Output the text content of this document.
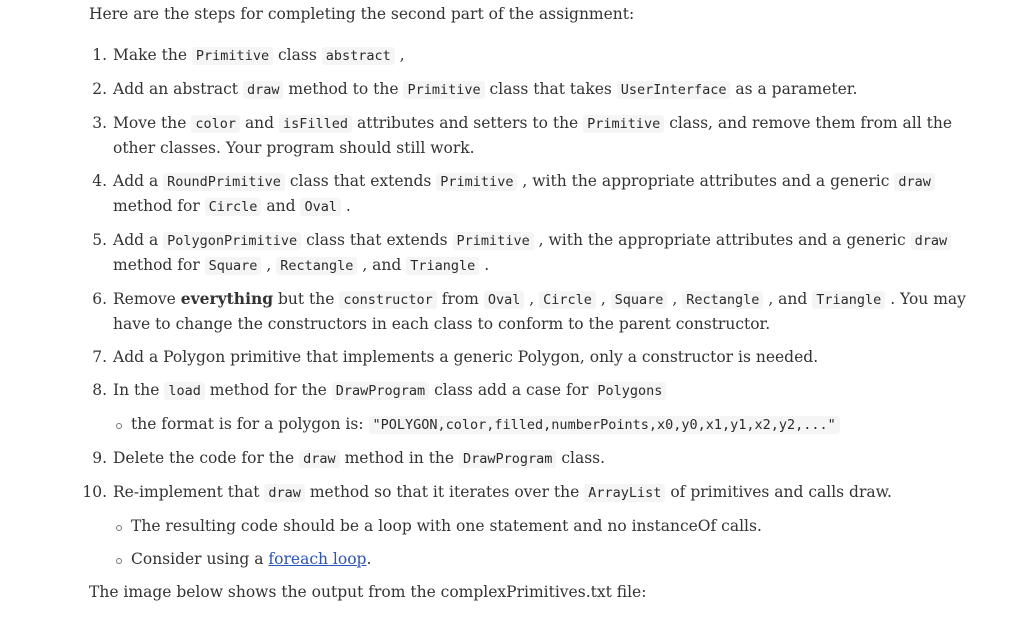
Here are the steps for completing the second part of the assignment:

1. Make the Primitive class abstract ,
2. Add an abstract draw method to the Primitive class that takes UserInterface as a parameter.
3. Move the color and isFilled attributes and setters to the Primitive class, and remove them from all the other classes. Your program should still work.
4. Add a RoundPrimitive class that extends Primitive , with the appropriate attributes and a generic draw method for Circle and Oval .
5. Add a PolygonPrimitive class that extends Primitive , with the appropriate attributes and a generic draw method for Square , Rectangle , and Triangle .
6. Remove everything but the constructor from Oval , Circle , Square , Rectangle , and Triangle . You may have to change the constructors in each class to conform to the parent constructor.
7. Add a Polygon primitive that implements a generic Polygon, only a constructor is needed.
8. In the load method for the DrawProgram class add a case for Polygons
the format is for a polygon is: "POLYGON,color,filled,numberPoints,x0,y0,x1,y1,x2,y2,..."
9. Delete the code for the draw method in the DrawProgram class.
10. Re-implement that draw method so that it iterates over the ArrayList of primitives and calls draw.
The resulting code should be a loop with one statement and no instanceOf calls.
Consider using a foreach loop.

The image below shows the output from the complexPrimitives.txt file:
